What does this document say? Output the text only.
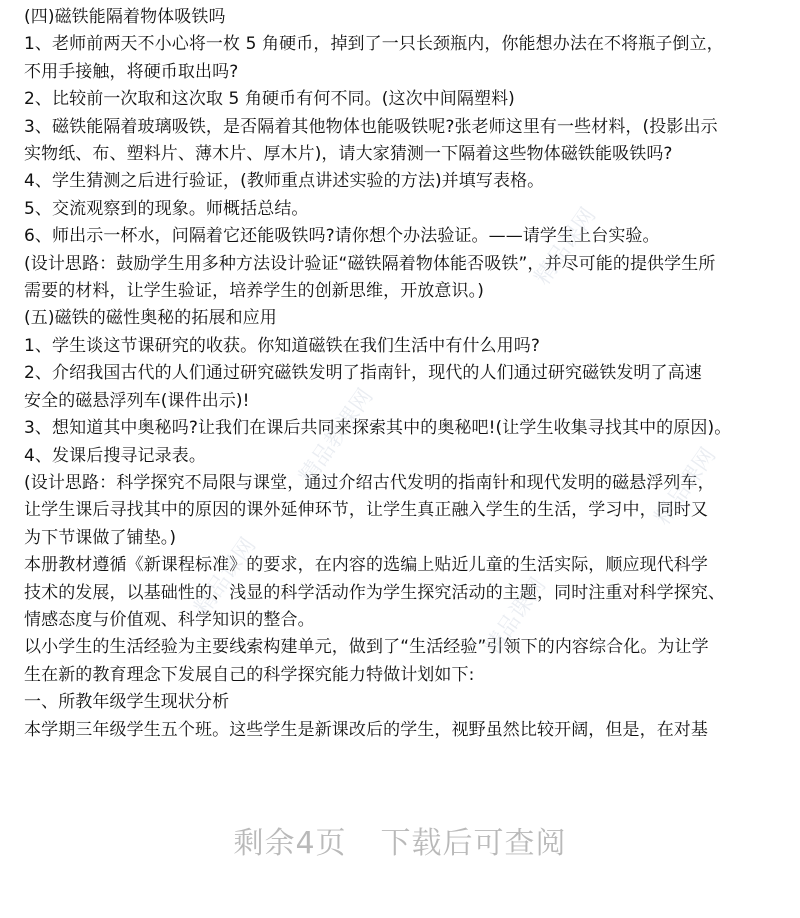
(四)磁铁能隔着物体吸铁吗
1、老师前两天不小心将一枚 5 角硬币，掉到了一只长颈瓶内，你能想办法在不将瓶子倒立，
不用手接触，将硬币取出吗?
2、比较前一次取和这次取 5 角硬币有何不同。(这次中间隔塑料)
3、磁铁能隔着玻璃吸铁，是否隔着其他物体也能吸铁呢?张老师这里有一些材料，(投影出示
实物纸、布、塑料片、薄木片、厚木片)，请大家猜测一下隔着这些物体磁铁能吸铁吗?
4、学生猜测之后进行验证，(教师重点讲述实验的方法)并填写表格。
5、交流观察到的现象。师概括总结。
6、师出示一杯水，问隔着它还能吸铁吗?请你想个办法验证。——请学生上台实验。
(设计思路：鼓励学生用多种方法设计验证“磁铁隔着物体能否吸铁”，并尽可能的提供学生所
需要的材料，让学生验证，培养学生的创新思维，开放意识。)
(五)磁铁的磁性奥秘的拓展和应用
1、学生谈这节课研究的收获。你知道磁铁在我们生活中有什么用吗?
2、介绍我国古代的人们通过研究磁铁发明了指南针，现代的人们通过研究磁铁发明了高速
安全的磁悬浮列车(课件出示)!
3、想知道其中奥秘吗?让我们在课后共同来探索其中的奥秘吧!(让学生收集寻找其中的原因)。
4、发课后搜寻记录表。
(设计思路：科学探究不局限与课堂，通过介绍古代发明的指南针和现代发明的磁悬浮列车，
让学生课后寻找其中的原因的课外延伸环节，让学生真正融入学生的生活，学习中，同时又
为下节课做了铺垫。)
本册教材遵循《新课程标准》的要求，在内容的选编上贴近儿童的生活实际，顺应现代科学
技术的发展，以基础性的、浅显的科学活动作为学生探究活动的主题，同时注重对科学探究、
情感态度与价值观、科学知识的整合。
以小学生的生活经验为主要线索构建单元，做到了“生活经验”引领下的内容综合化。为让学
生在新的教育理念下发展自己的科学探究能力特做计划如下:
一、所教年级学生现状分析
本学期三年级学生五个班。这些学生是新课改后的学生，视野虽然比较开阔，但是，在对基
精品课网
精品教课网
精品课网	精品课网
精品课网
剩余4页 下载后可查阅
